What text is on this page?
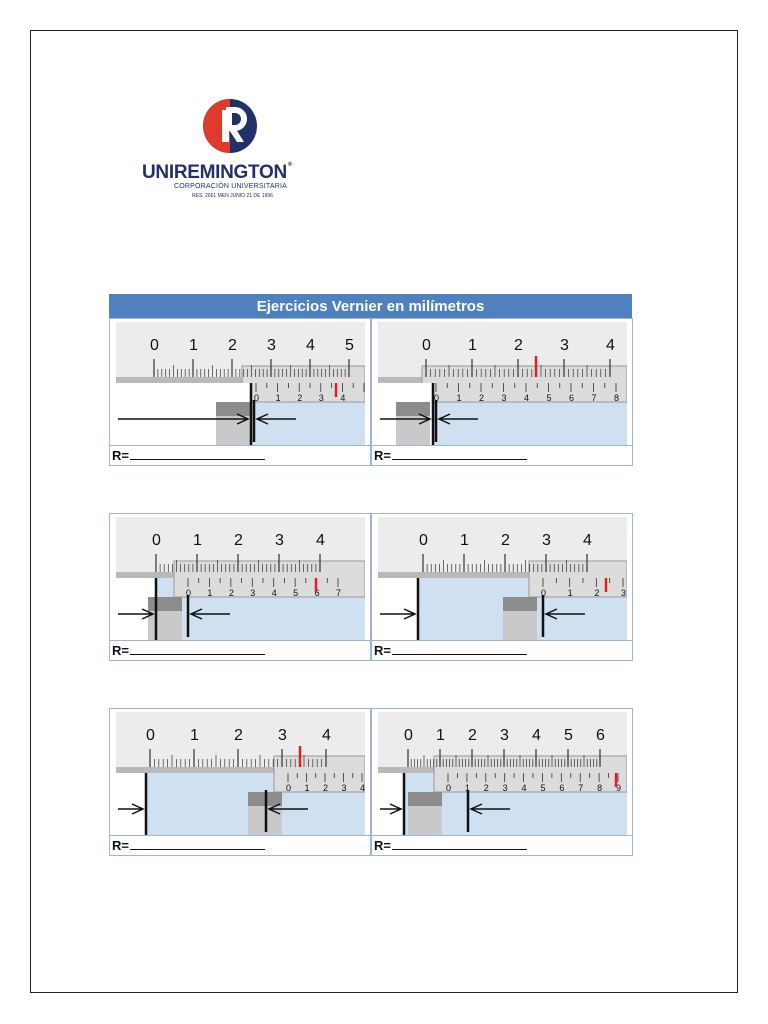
UNIREMINGTON®
CORPORACIÓN UNIVERSITARIA
RES. 2661 MEN JUNIO 21 DE 1996
Ejercicios Vernier en milímetros
0 1 2 3 4 5
0 1 2 3 4
R=
0 1 2 3 4
0 1 2 3 4 5 6 7 8
R=
0 1 2 3 4
0 1 2 3 4 5 6 7
R=
0 1 2 3 4
0 1 2 3
R=
0 1 2 3 4
0 1 2 3 4
R=
0 1 2 3 4 5 6
0 1 2 3 4 5 6 7 8 9
R=
